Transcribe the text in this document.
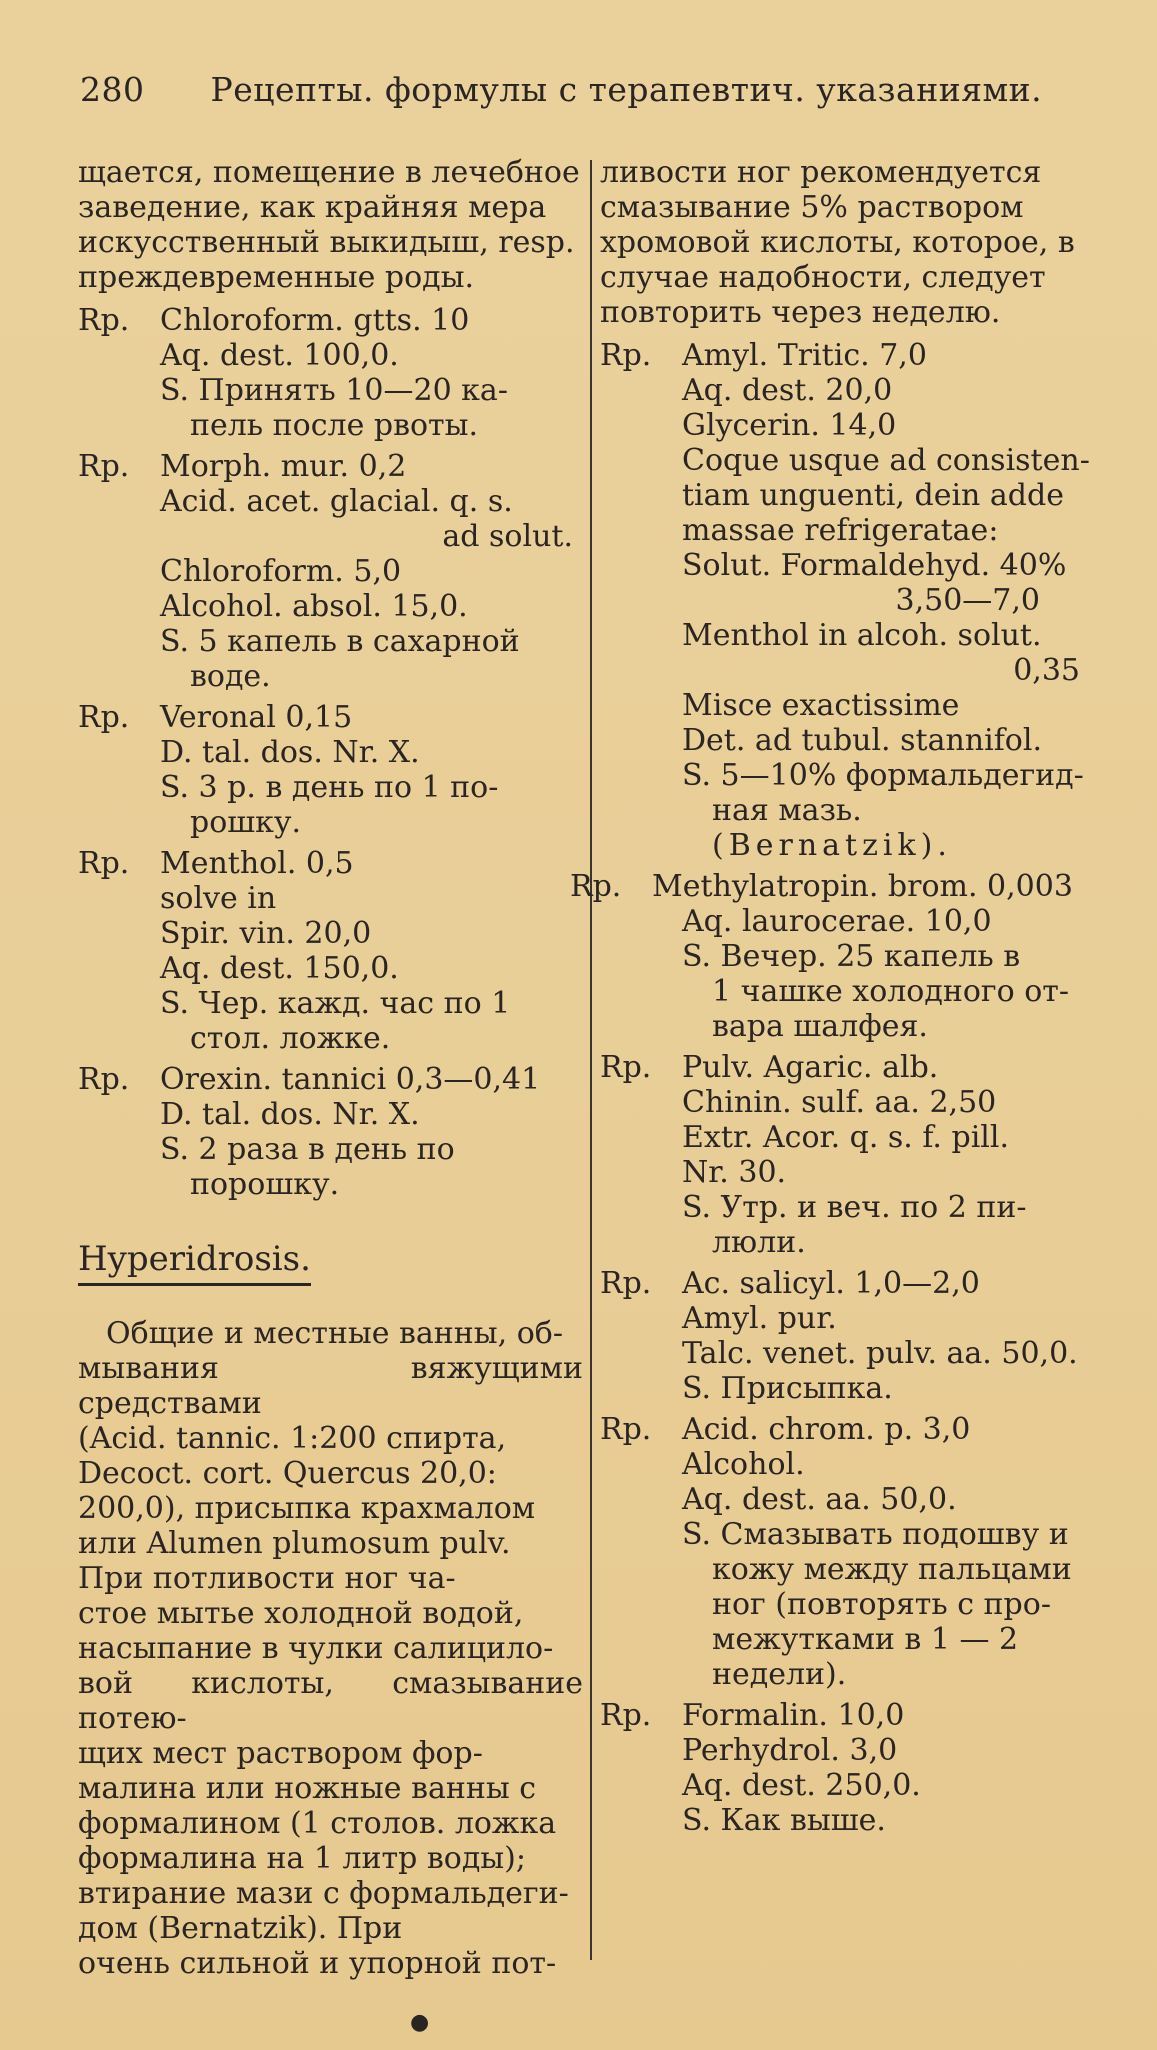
280 Рецепты. формулы с терапевтич. указаниями.
щается, помещение в лечебное
заведение, как крайняя мера
искусственный выкидыш, resp.
преждевременные роды.
Rp.	Chloroform. gtts. 10
Aq. dest. 100,0.
S. Принять 10—20 ка-
пель после рвоты.
Rp.	Morph. mur. 0,2
Acid. acet. glacial. q. s.
ad solut.
Chloroform. 5,0
Alcohol. absol. 15,0.
S. 5 капель в сахарной
воде.
Rp.	Veronal 0,15
D. tal. dos. Nr. X.
S. 3 р. в день по 1 по-
рошку.
Rp.	Menthol. 0,5
solve in
Spir. vin. 20,0
Aq. dest. 150,0.
S. Чер. кажд. час по 1
стол. ложке.
Rp.	Orexin. tannici 0,3—0,41
D. tal. dos. Nr. X.
S. 2 раза в день по
порошку.
Hyperidrosis.
Общие и местные ванны, об-
мывания вяжущими средствами
(Acid. tannic. 1:200 спирта,
Decoct. cort. Quercus 20,0:
200,0), присыпка крахмалом
или Alumen plumosum pulv.
При потливости ног ча-
стое мытье холодной водой,
насыпание в чулки салицило-
вой кислоты, смазывание потею-
щих мест раствором фор-
малина или ножные ванны с
формалином (1 столов. ложка
формалина на 1 литр воды);
втирание мази с формальдеги-
дом (Bernatzik). При
очень сильной и упорной пот-
ливости ног рекомендуется
смазывание 5% раствором
хромовой кислоты, которое, в
случае надобности, следует
повторить через неделю.
Rp.	Amyl. Tritic. 7,0
Aq. dest. 20,0
Glycerin. 14,0
Coque usque ad consisten-
tiam unguenti, dein adde
massae refrigeratae:
Solut. Formaldehyd. 40%
3,50—7,0
Menthol in alcoh. solut.
0,35
Misce exactissime
Det. ad tubul. stannifol.
S. 5—10% формальдегид-
ная мазь.
(Bernatzik).
Rp.	Methylatropin. brom. 0,003
Aq. laurocerae. 10,0
S. Вечер. 25 капель в
1 чашке холодного от-
вара шалфея.
Rp.	Pulv. Agaric. alb.
Chinin. sulf. aa. 2,50
Extr. Acor. q. s. f. pill.
Nr. 30.
S. Утр. и веч. по 2 пи-
люли.
Rp.	Ac. salicyl. 1,0—2,0
Amyl. pur.
Talc. venet. pulv. aa. 50,0.
S. Присыпка.
Rp.	Acid. chrom. p. 3,0
Alcohol.
Aq. dest. aa. 50,0.
S. Смазывать подошву и
кожу между пальцами
ног (повторять с про-
межутками в 1 — 2
недели).
Rp.	Formalin. 10,0
Perhydrol. 3,0
Aq. dest. 250,0.
S. Как выше.
●
